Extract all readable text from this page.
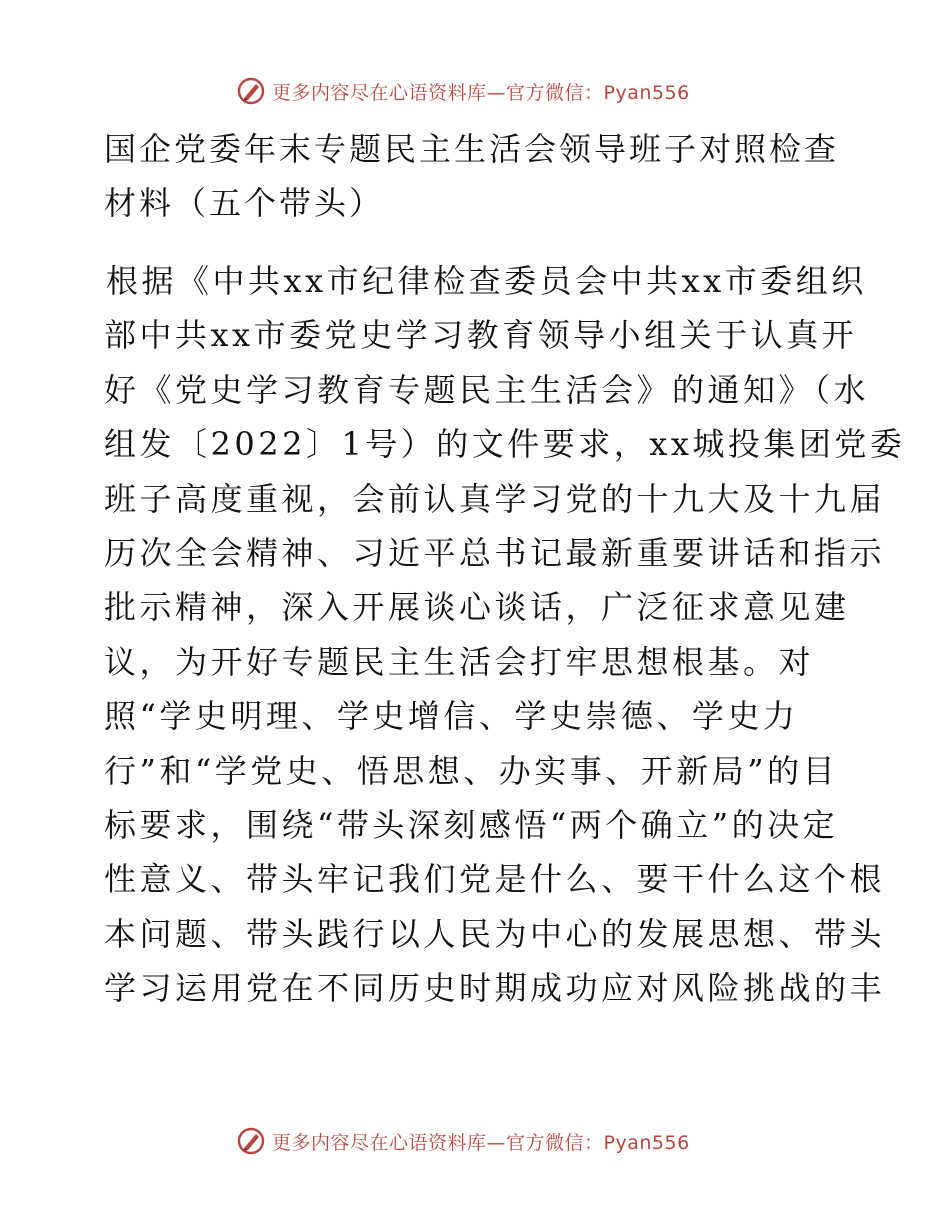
更多内容尽在心语资料库—官方微信：Pyan556
国企党委年末专题民主生活会领导班子对照检查
材料（五个带头）
根据《中共xx市纪律检查委员会中共xx市委组织
部中共xx市委党史学习教育领导小组关于认真开
好《党史学习教育专题民主生活会》的通知》（水
组发〔2022〕1号）的文件要求，xx城投集团党委
班子高度重视，会前认真学习党的十九大及十九届
历次全会精神、习近平总书记最新重要讲话和指示
批示精神，深入开展谈心谈话，广泛征求意见建
议，为开好专题民主生活会打牢思想根基。对
照“学史明理、学史增信、学史崇德、学史力
行”和“学党史、悟思想、办实事、开新局”的目
标要求，围绕“带头深刻感悟“两个确立”的决定
性意义、带头牢记我们党是什么、要干什么这个根
本问题、带头践行以人民为中心的发展思想、带头
学习运用党在不同历史时期成功应对风险挑战的丰
更多内容尽在心语资料库—官方微信：Pyan556
